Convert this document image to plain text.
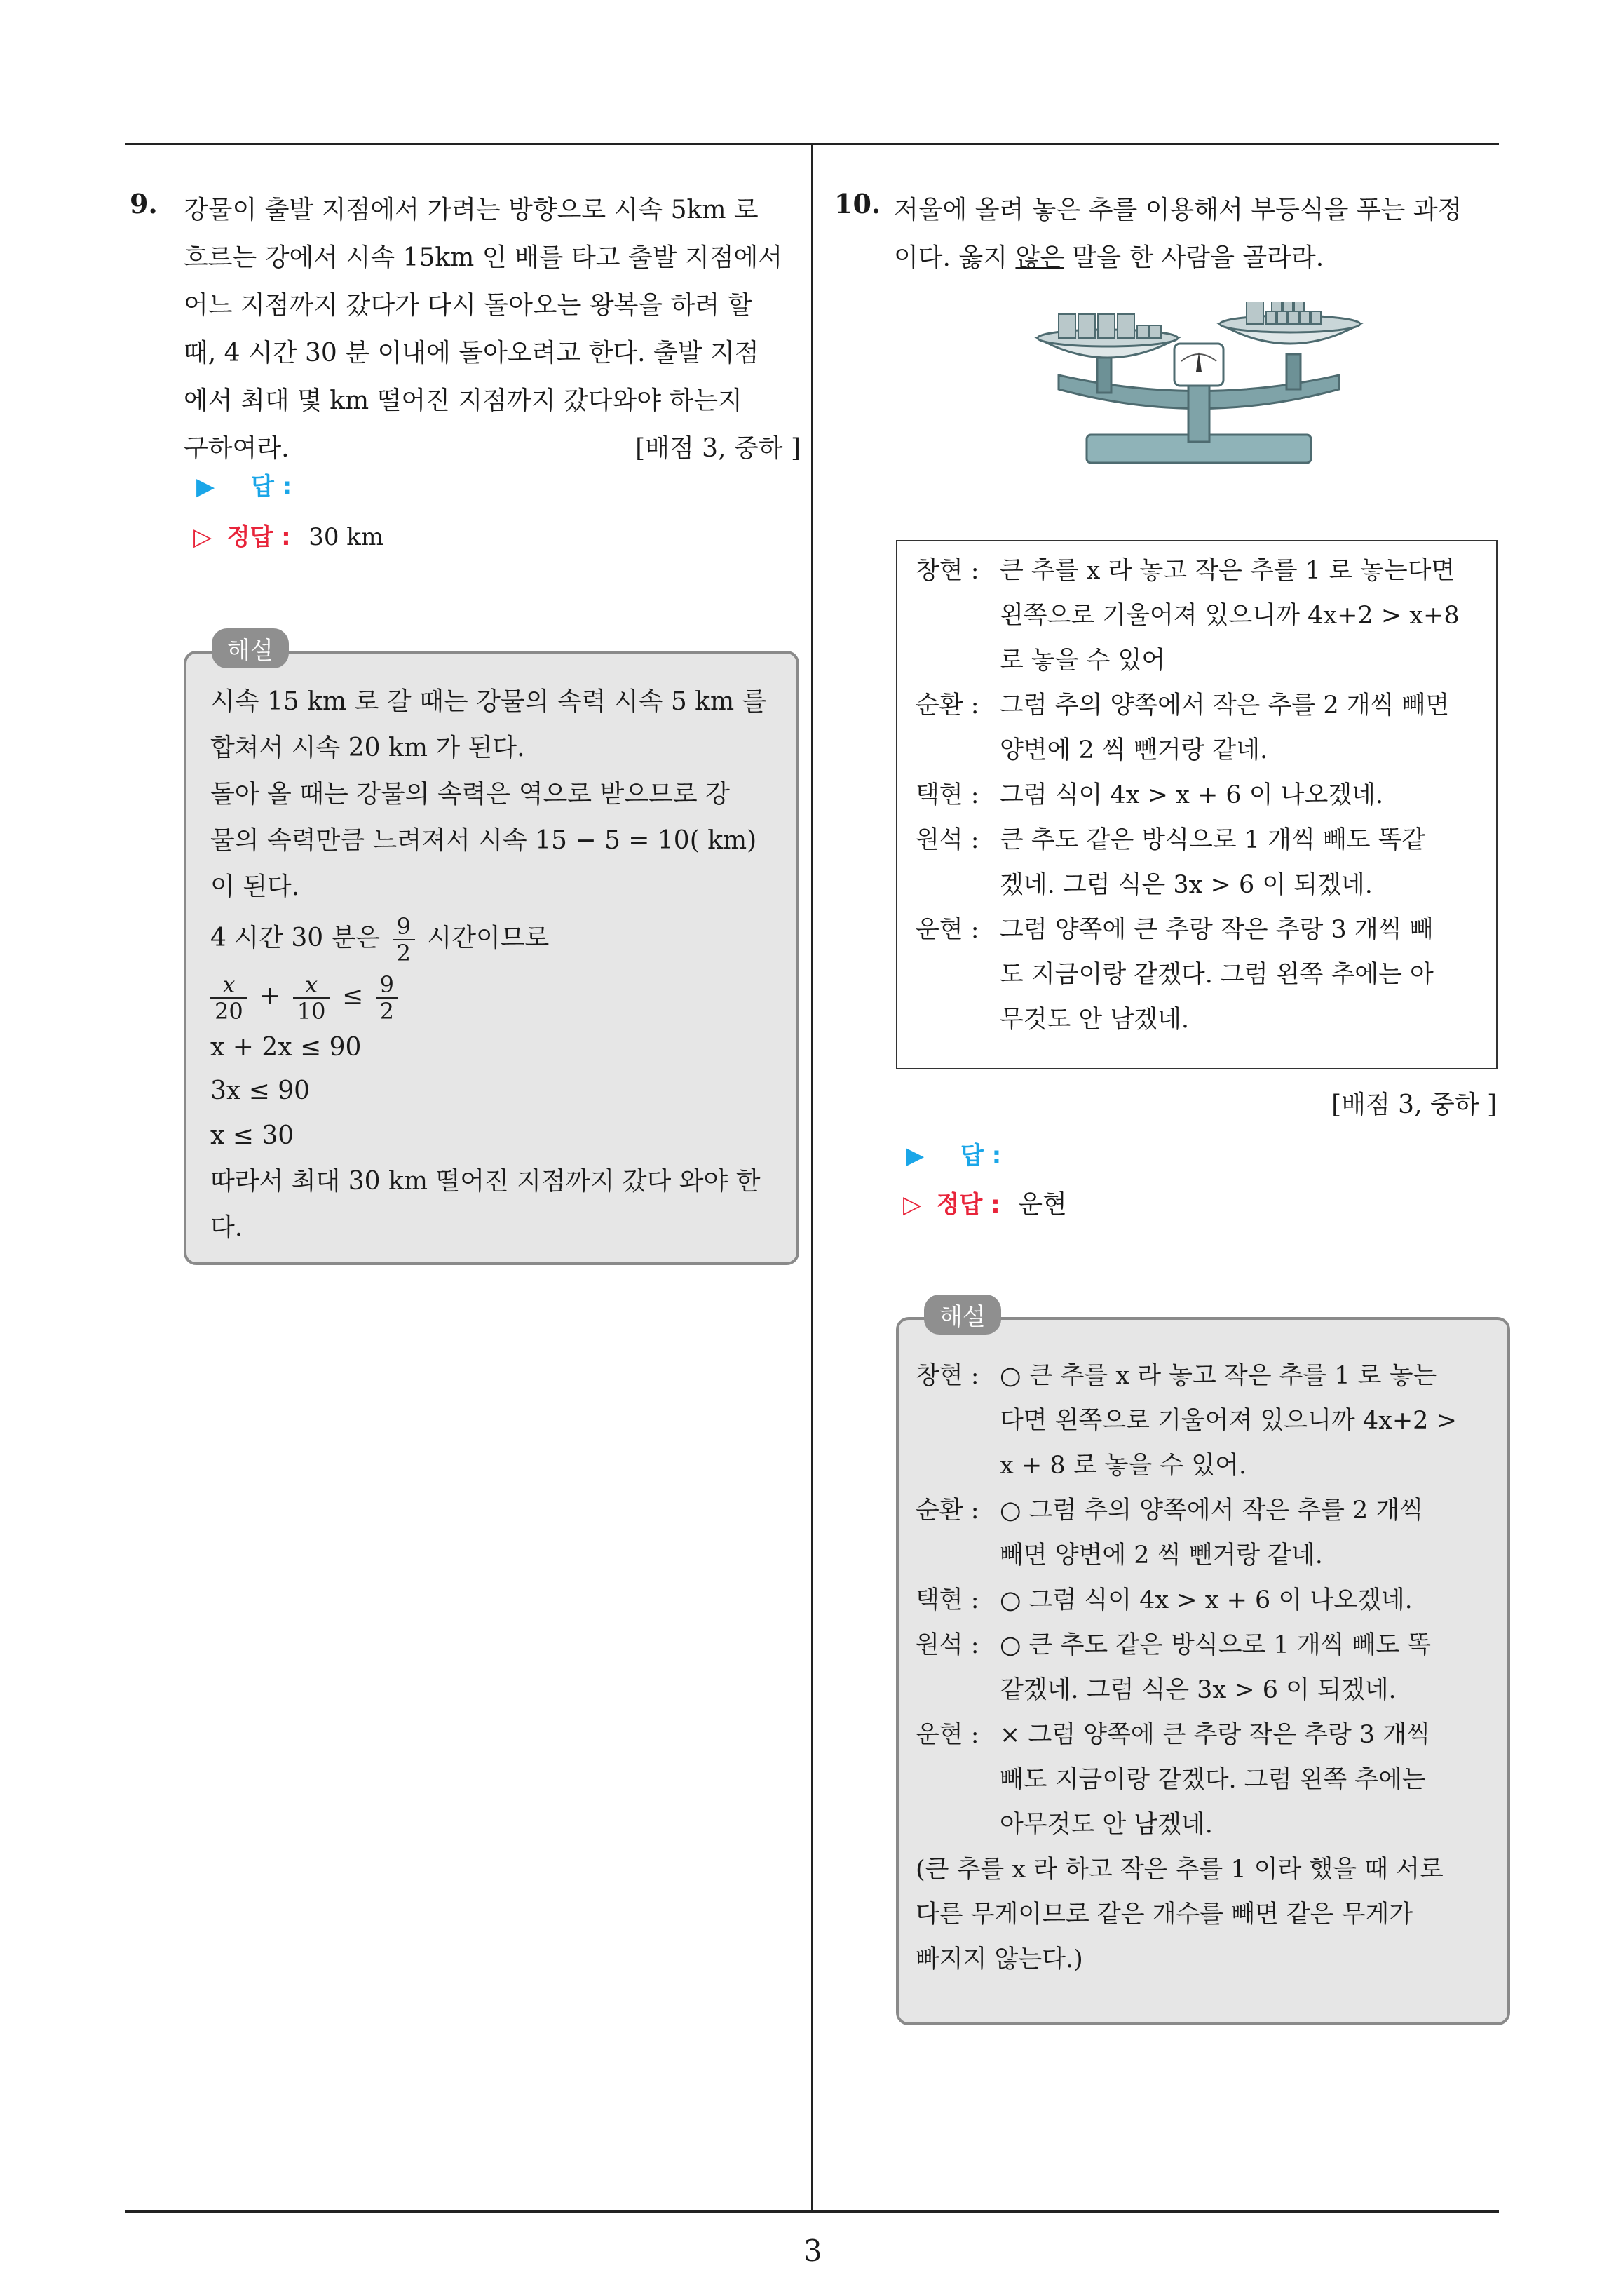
9. 강물이 출발 지점에서 가려는 방향으로 시속 5km 로
흐르는 강에서 시속 15km 인 배를 타고 출발 지점에서
어느 지점까지 갔다가 다시 돌아오는 왕복을 하려 할
때, 4 시간 30 분 이내에 돌아오려고 한다. 출발 지점
에서 최대 몇 km 떨어진 지점까지 갔다와야 하는지
구하여라.	[배점 3, 중하 ]
▶ 답 :
▷ 정답 : 30 km
해설
시속 15 km 로 갈 때는 강물의 속력 시속 5 km 를
합쳐서 시속 20 km 가 된다.
돌아 올 때는 강물의 속력은 역으로 받으므로 강
물의 속력만큼 느려져서 시속 15 − 5 = 10( km)
이 된다.
4 시간 30 분은 $\frac{9}{2}$ 시간이므로
$\frac{x}{20} + \frac{x}{10} \le \frac{9}{2}$
x + 2x ≤ 90
3x ≤ 90
x ≤ 30
따라서 최대 30 km 떨어진 지점까지 갔다 와야 한
다.
10. 저울에 올려 놓은 추를 이용해서 부등식을 푸는 과정
이다. 옳지 않은 말을 한 사람을 골라라.
창현 : 큰 추를 x 라 놓고 작은 추를 1 로 놓는다면
왼쪽으로 기울어져 있으니까 4x+2 > x+8
로 놓을 수 있어
순환 : 그럼 추의 양쪽에서 작은 추를 2 개씩 빼면
양변에 2 씩 뺀거랑 같네.
택현 : 그럼 식이 4x > x + 6 이 나오겠네.
원석 : 큰 추도 같은 방식으로 1 개씩 빼도 똑같
겠네. 그럼 식은 3x > 6 이 되겠네.
운현 : 그럼 양쪽에 큰 추랑 작은 추랑 3 개씩 빼
도 지금이랑 같겠다. 그럼 왼쪽 추에는 아
무것도 안 남겠네.
[배점 3, 중하 ]
▶ 답 :
▷ 정답 : 운현
해설
창현 : ○ 큰 추를 x 라 놓고 작은 추를 1 로 놓는
다면 왼쪽으로 기울어져 있으니까 4x+2 >
x + 8 로 놓을 수 있어.
순환 : ○ 그럼 추의 양쪽에서 작은 추를 2 개씩
빼면 양변에 2 씩 뺀거랑 같네.
택현 : ○ 그럼 식이 4x > x + 6 이 나오겠네.
원석 : ○ 큰 추도 같은 방식으로 1 개씩 빼도 똑
같겠네. 그럼 식은 3x > 6 이 되겠네.
운현 : × 그럼 양쪽에 큰 추랑 작은 추랑 3 개씩
빼도 지금이랑 같겠다. 그럼 왼쪽 추에는
아무것도 안 남겠네.
(큰 추를 x 라 하고 작은 추를 1 이라 했을 때 서로
다른 무게이므로 같은 개수를 빼면 같은 무게가
빠지지 않는다.)
3
